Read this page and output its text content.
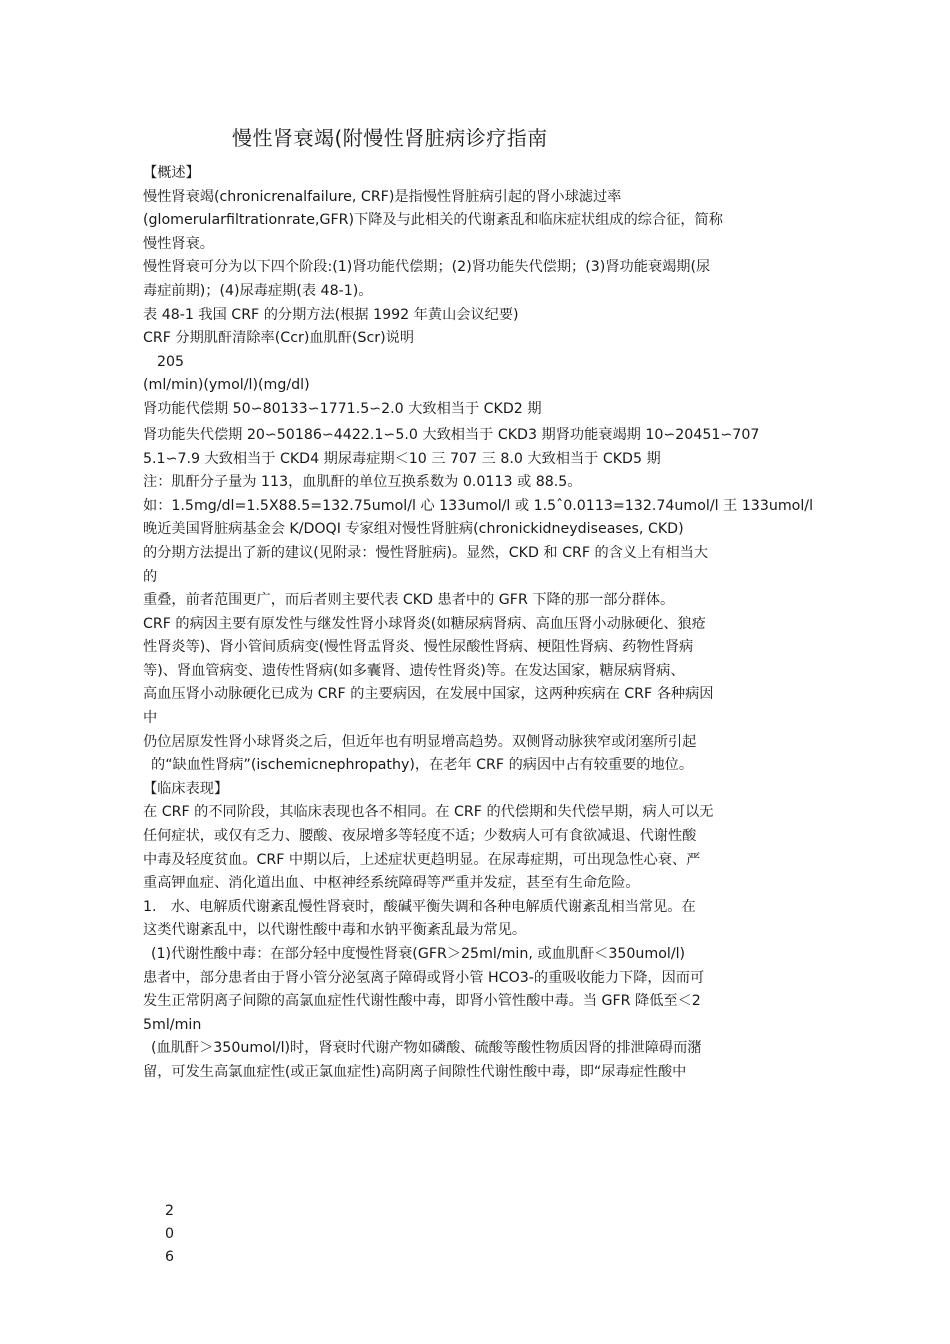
慢性肾衰竭(附慢性肾脏病诊疗指南
【概述】
慢性肾衰竭(chronicrenalfailure, CRF)是指慢性肾脏病引起的肾小球滤过率
(glomerularfiltrationrate,GFR)下降及与此相关的代谢紊乱和临床症状组成的综合征，简称
慢性肾衰。
慢性肾衰可分为以下四个阶段:(1)肾功能代偿期；(2)肾功能失代偿期；(3)肾功能衰竭期(尿
毒症前期)；(4)尿毒症期(表 48-1)。
表 48-1 我国 CRF 的分期方法(根据 1992 年黄山会议纪要)
CRF 分期肌酐清除率(Ccr)血肌酐(Scr)说明
205
(ml/min)(ymol/l)(mg/dl)
肾功能代偿期 50∽80133∽1771.5∽2.0 大致相当于 CKD2 期
肾功能失代偿期 20∽50186∽4422.1∽5.0 大致相当于 CKD3 期肾功能衰竭期 10∽20451∽707
5.1∽7.9 大致相当于 CKD4 期尿毒症期＜10 三 707 三 8.0 大致相当于 CKD5 期
注：肌酐分子量为 113，血肌酐的单位互换系数为 0.0113 或 88.5。
如：1.5mg/dl=1.5X88.5=132.75umol/l 心 133umol/l 或 1.5ˆ0.0113=132.74umol/l 王 133umol/l
晚近美国肾脏病基金会 K/DOQI 专家组对慢性肾脏病(chronickidneydiseases, CKD)
的分期方法提出了新的建议(见附录：慢性肾脏病)。显然，CKD 和 CRF 的含义上有相当大
的
重叠，前者范围更广，而后者则主要代表 CKD 患者中的 GFR 下降的那一部分群体。
CRF 的病因主要有原发性与继发性肾小球肾炎(如糖尿病肾病、高血压肾小动脉硬化、狼疮
性肾炎等)、肾小管间质病变(慢性肾盂肾炎、慢性尿酸性肾病、梗阻性肾病、药物性肾病
等)、肾血管病变、遗传性肾病(如多囊肾、遗传性肾炎)等。在发达国家，糖尿病肾病、
高血压肾小动脉硬化已成为 CRF 的主要病因，在发展中国家，这两种疾病在 CRF 各种病因
中
仍位居原发性肾小球肾炎之后，但近年也有明显增高趋势。双侧肾动脉狭窄或闭塞所引起
的“缺血性肾病”(ischemicnephropathy)，在老年 CRF 的病因中占有较重要的地位。
【临床表现】
在 CRF 的不同阶段，其临床表现也各不相同。在 CRF 的代偿期和失代偿早期，病人可以无
任何症状，或仅有乏力、腰酸、夜尿增多等轻度不适；少数病人可有食欲减退、代谢性酸
中毒及轻度贫血。CRF 中期以后，上述症状更趋明显。在尿毒症期，可出现急性心衰、严
重高钾血症、消化道出血、中枢神经系统障碍等严重并发症，甚至有生命危险。
1.　水、电解质代谢紊乱慢性肾衰时，酸碱平衡失调和各种电解质代谢紊乱相当常见。在
这类代谢紊乱中，以代谢性酸中毒和水钠平衡紊乱最为常见。
(1)代谢性酸中毒：在部分轻中度慢性肾衰(GFR＞25ml/min, 或血肌酐＜350umol/l)
患者中，部分患者由于肾小管分泌氢离子障碍或肾小管 HCO3-的重吸收能力下降，因而可
发生正常阴离子间隙的高氯血症性代谢性酸中毒，即肾小管性酸中毒。当 GFR 降低至＜2
5ml/min
(血肌酐＞350umol/l)时，肾衰时代谢产物如磷酸、硫酸等酸性物质因肾的排泄障碍而潴
留，可发生高氯血症性(或正氯血症性)高阴离子间隙性代谢性酸中毒，即“尿毒症性酸中
2
0
6
